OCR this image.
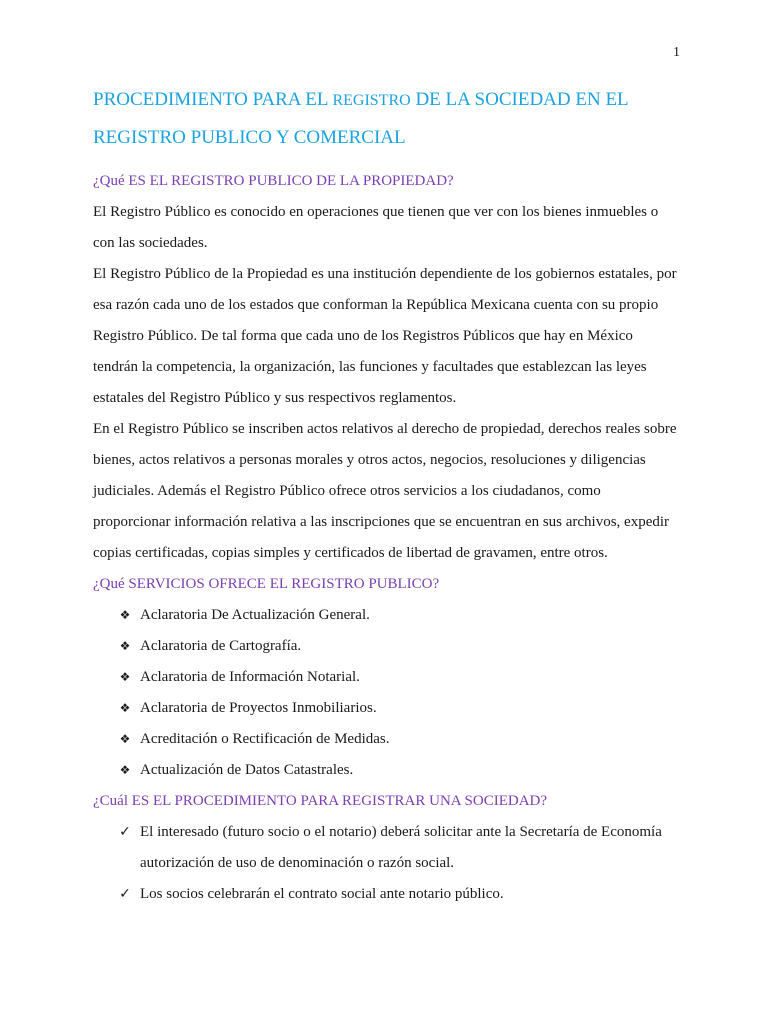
1
PROCEDIMIENTO PARA EL REGISTRO DE LA SOCIEDAD EN EL
REGISTRO PUBLICO Y COMERCIAL
¿Qué ES EL REGISTRO PUBLICO DE LA PROPIEDAD?

El Registro Público es conocido en operaciones que tienen que ver con los bienes inmuebles o con las sociedades.

El Registro Público de la Propiedad es una institución dependiente de los gobiernos estatales, por esa razón cada uno de los estados que conforman la República Mexicana cuenta con su propio Registro Público. De tal forma que cada uno de los Registros Públicos que hay en México tendrán la competencia, la organización, las funciones y facultades que establezcan las leyes estatales del Registro Público y sus respectivos reglamentos.

En el Registro Público se inscriben actos relativos al derecho de propiedad, derechos reales sobre bienes, actos relativos a personas morales y otros actos, negocios, resoluciones y diligencias judiciales. Además el Registro Público ofrece otros servicios a los ciudadanos, como proporcionar información relativa a las inscripciones que se encuentran en sus archivos, expedir copias certificadas, copias simples y certificados de libertad de gravamen, entre otros.

¿Qué SERVICIOS OFRECE EL REGISTRO PUBLICO?
❖ Aclaratoria De Actualización General.
❖ Aclaratoria de Cartografía.
❖ Aclaratoria de Información Notarial.
❖ Aclaratoria de Proyectos Inmobiliarios.
❖ Acreditación o Rectificación de Medidas.
❖ Actualización de Datos Catastrales.
¿Cuál ES EL PROCEDIMIENTO PARA REGISTRAR UNA SOCIEDAD?
✓ El interesado (futuro socio o el notario) deberá solicitar ante la Secretaría de Economía autorización de uso de denominación o razón social.
✓ Los socios celebrarán el contrato social ante notario público.
